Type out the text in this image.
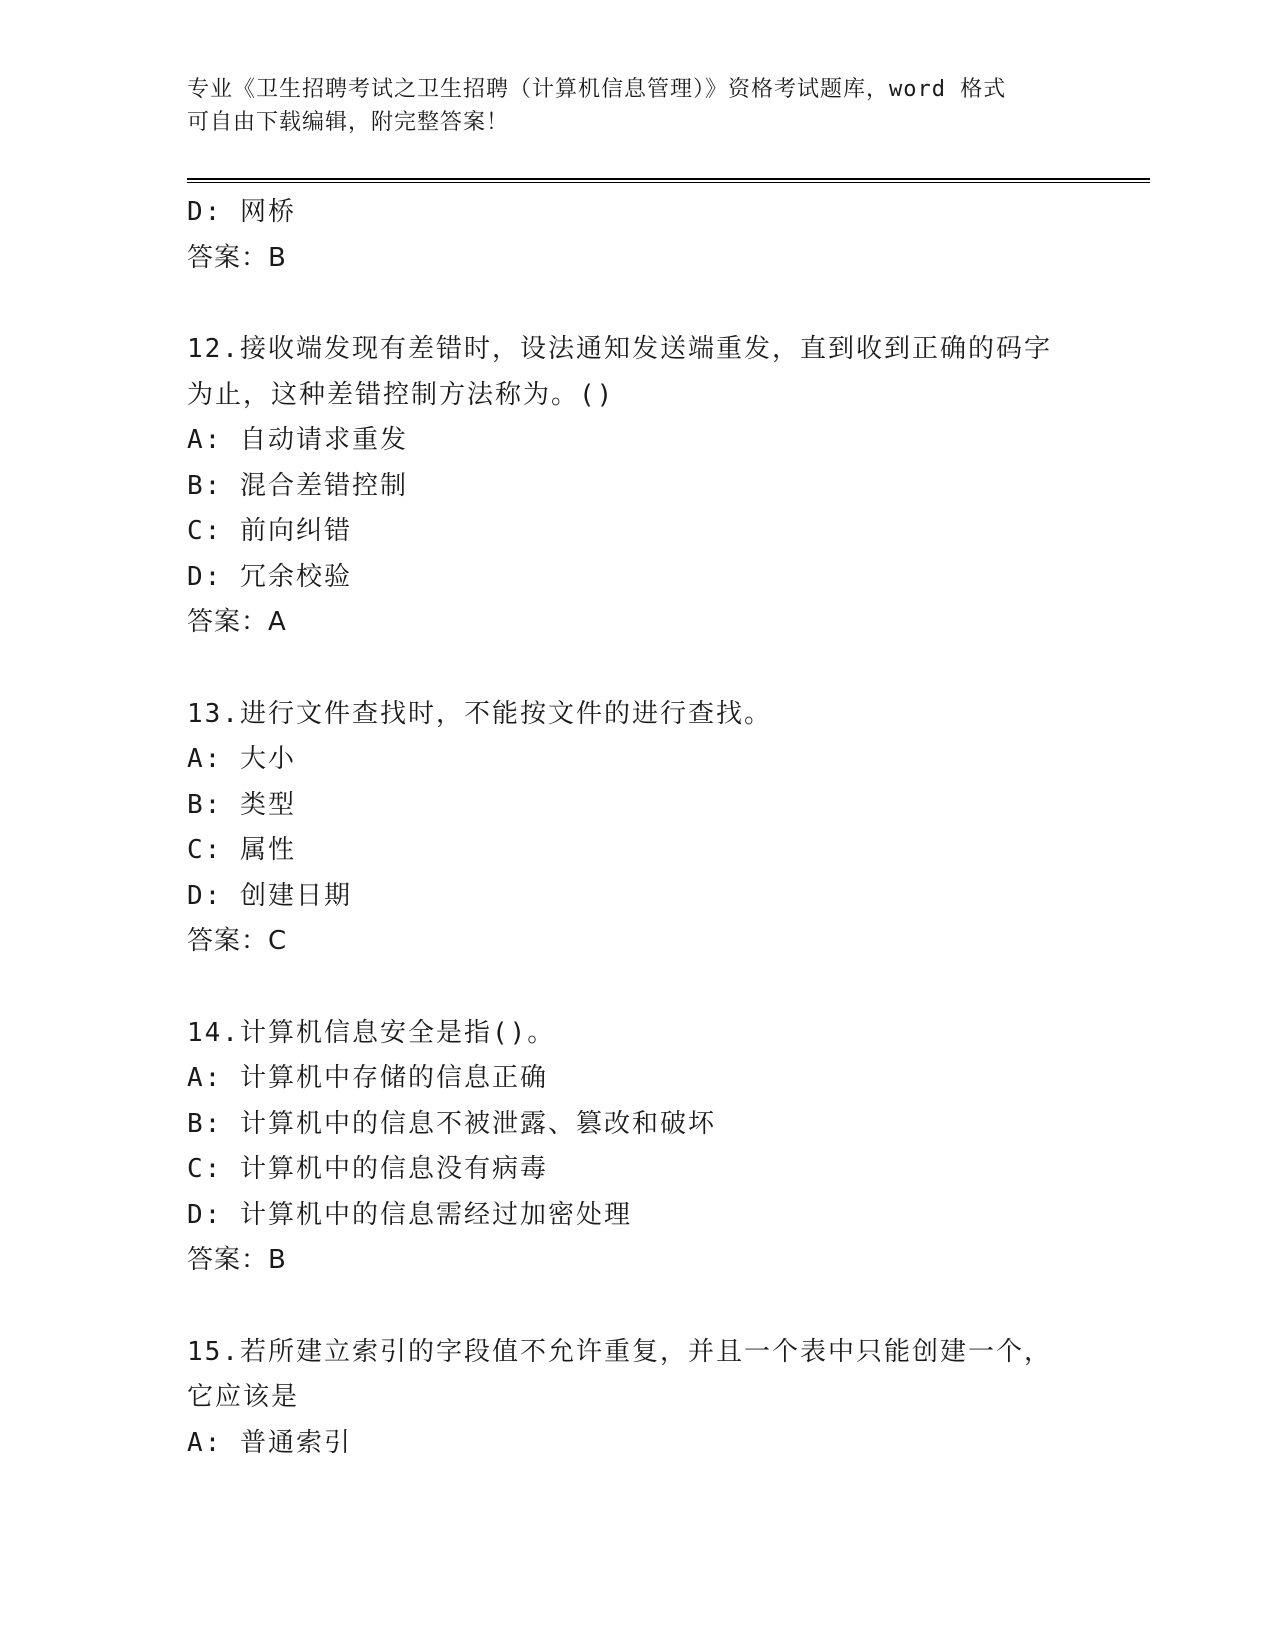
专业《卫生招聘考试之卫生招聘（计算机信息管理）》资格考试题库，word 格式
可自由下载编辑，附完整答案！
D: 网桥
答案：B
12.接收端发现有差错时，设法通知发送端重发，直到收到正确的码字
为止，这种差错控制方法称为。()
A: 自动请求重发
B: 混合差错控制
C: 前向纠错
D: 冗余校验
答案：A
13.进行文件查找时，不能按文件的进行查找。
A: 大小
B: 类型
C: 属性
D: 创建日期
答案：C
14.计算机信息安全是指()。
A: 计算机中存储的信息正确
B: 计算机中的信息不被泄露、篡改和破坏
C: 计算机中的信息没有病毒
D: 计算机中的信息需经过加密处理
答案：B
15.若所建立索引的字段值不允许重复，并且一个表中只能创建一个，
它应该是
A: 普通索引
